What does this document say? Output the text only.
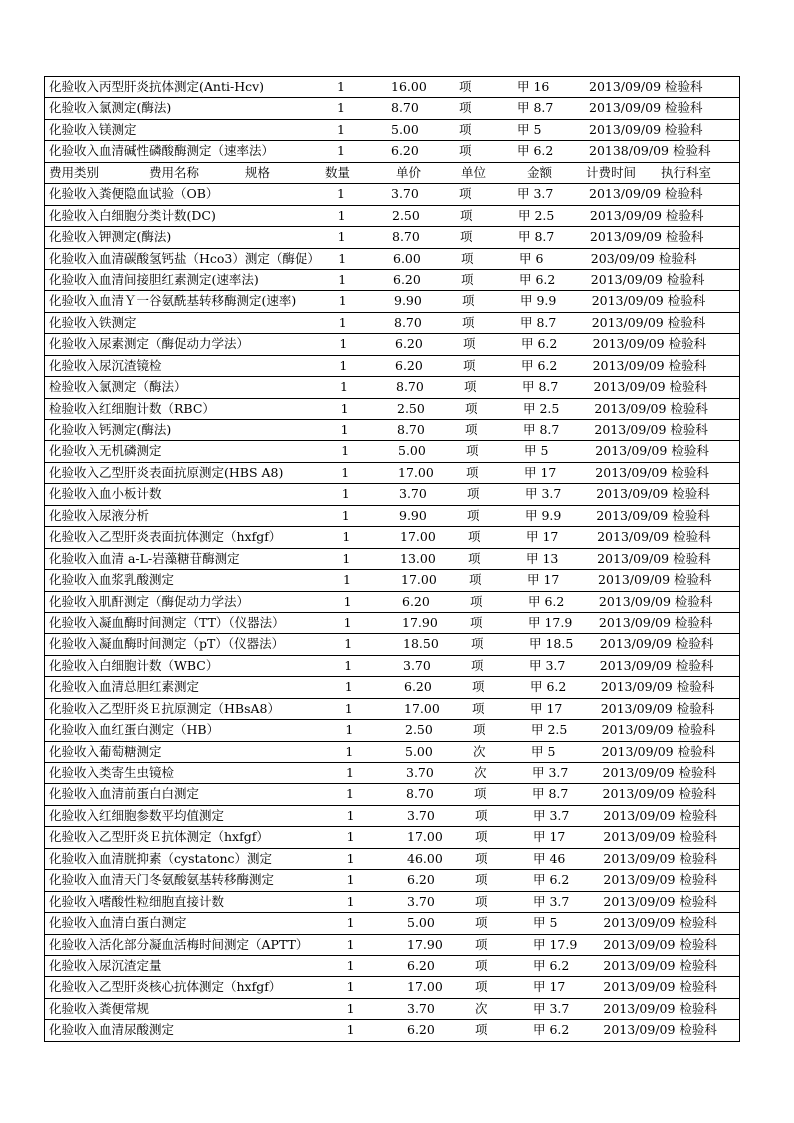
化验收入丙型肝炎抗体测定(Anti-Hcv)	1	16.00	项	甲 16	2013/09/09 检验科
化验收入氯测定(酶法)	1	8.70	项	甲 8.7	2013/09/09 检验科
化验收入镁测定	1	5.00	项	甲 5	2013/09/09 检验科
化验收入血清碱性磷酸酶测定（速率法）	1	6.20	项	甲 6.2	20138/09/09 检验科
费用类别	费用名称	规格	数量	单价	单位	金额	计费时间 执行科室
化验收入粪便隐血试验（OB）	1	3.70	项	甲 3.7	2013/09/09 检验科
化验收入白细胞分类计数(DC)	1	2.50	项	甲 2.5	2013/09/09 检验科
化验收入钾测定(酶法)	1	8.70	项	甲 8.7	2013/09/09 检验科
化验收入血清碳酸氢钙盐（Hco3）测定（酶促） 1	6.00	项	甲 6	203/09/09 检验科
化验收入血清间接胆红素测定(速率法)	1	6.20	项	甲 6.2	2013/09/09 检验科
化验收入血清Ｙ一谷氨酰基转移酶测定(速率)	1	9.90	项	甲 9.9	2013/09/09 检验科
化验收入铁测定	1	8.70	项	甲 8.7	2013/09/09 检验科
化验收入尿素测定（酶促动力学法）	1	6.20	项	甲 6.2	2013/09/09 检验科
化验收入尿沉渣镜检	1	6.20	项	甲 6.2	2013/09/09 检验科
检验收入氯测定（酶法）	1	8.70	项	甲 8.7	2013/09/09 检验科
检验收入红细胞计数（RBC）	1	2.50	项	甲 2.5	2013/09/09 检验科
化验收入钙测定(酶法)	1	8.70	项	甲 8.7	2013/09/09 检验科
化验收入无机磷测定	1	5.00	项	甲 5	2013/09/09 检验科
化验收入乙型肝炎表面抗原测定(HBS A8)	1	17.00	项	甲 17	2013/09/09 检验科
化验收入血小板计数	1	3.70	项	甲 3.7	2013/09/09 检验科
化验收入尿液分析	1	9.90	项	甲 9.9	2013/09/09 检验科
化验收入乙型肝炎表面抗体测定（hxfgf）	1	17.00	项	甲 17	2013/09/09 检验科
化验收入血清 a-L-岩藻糖苷酶测定	1	13.00	项	甲 13	2013/09/09 检验科
化验收入血浆乳酸测定	1	17.00	项	甲 17	2013/09/09 检验科
化验收入肌酐测定（酶促动力学法）	1	6.20	项	甲 6.2	2013/09/09 检验科
化验收入凝血酶时间测定（TT）（仪器法）	1	17.90	项	甲 17.9 2013/09/09 检验科
化验收入凝血酶时间测定（pT）（仪器法）	1	18.50	项	甲 18.5 2013/09/09 检验科
化验收入白细胞计数（WBC）	1	3.70	项	甲 3.7	2013/09/09 检验科
化验收入血清总胆红素测定	1	6.20	项	甲 6.2	2013/09/09 检验科
化验收入乙型肝炎Ｅ抗原测定（HBsA8）	1	17.00	项	甲 17	2013/09/09 检验科
化验收入血红蛋白测定（HB）	1	2.50	项	甲 2.5	2013/09/09 检验科
化验收入葡萄糖测定	1	5.00	次	甲 5	2013/09/09 检验科
化验收入类寄生虫镜检	1	3.70	次	甲 3.7	2013/09/09 检验科
化验收入血清前蛋白白测定	1	8.70	项	甲 8.7	2013/09/09 检验科
化验收入红细胞参数平均值测定	1	3.70	项	甲 3.7	2013/09/09 检验科
化验收入乙型肝炎Ｅ抗体测定（hxfgf）	1	17.00	项	甲 17	2013/09/09 检验科
化验收入血清胱抑素（cystatonc）测定	1	46.00	项	甲 46	2013/09/09 检验科
化验收入血清天门冬氨酸氨基转移酶测定	1	6.20	项	甲 6.2	2013/09/09 检验科
化验收入嗜酸性粒细胞直接计数	1	3.70	项	甲 3.7	2013/09/09 检验科
化验收入血清白蛋白测定	1	5.00	项	甲 5	2013/09/09 检验科
化验收入活化部分凝血活梅时间测定（APTT）	1	17.90	项	甲 17.9 2013/09/09 检验科
化验收入尿沉渣定量	1	6.20	项	甲 6.2	2013/09/09 检验科
化验收入乙型肝炎核心抗体测定（hxfgf）	1	17.00	项	甲 17	2013/09/09 检验科
化验收入粪便常规	1	3.70	次	甲 3.7	2013/09/09 检验科
化验收入血清尿酸测定	1	6.20	项	甲 6.2	2013/09/09 检验科
